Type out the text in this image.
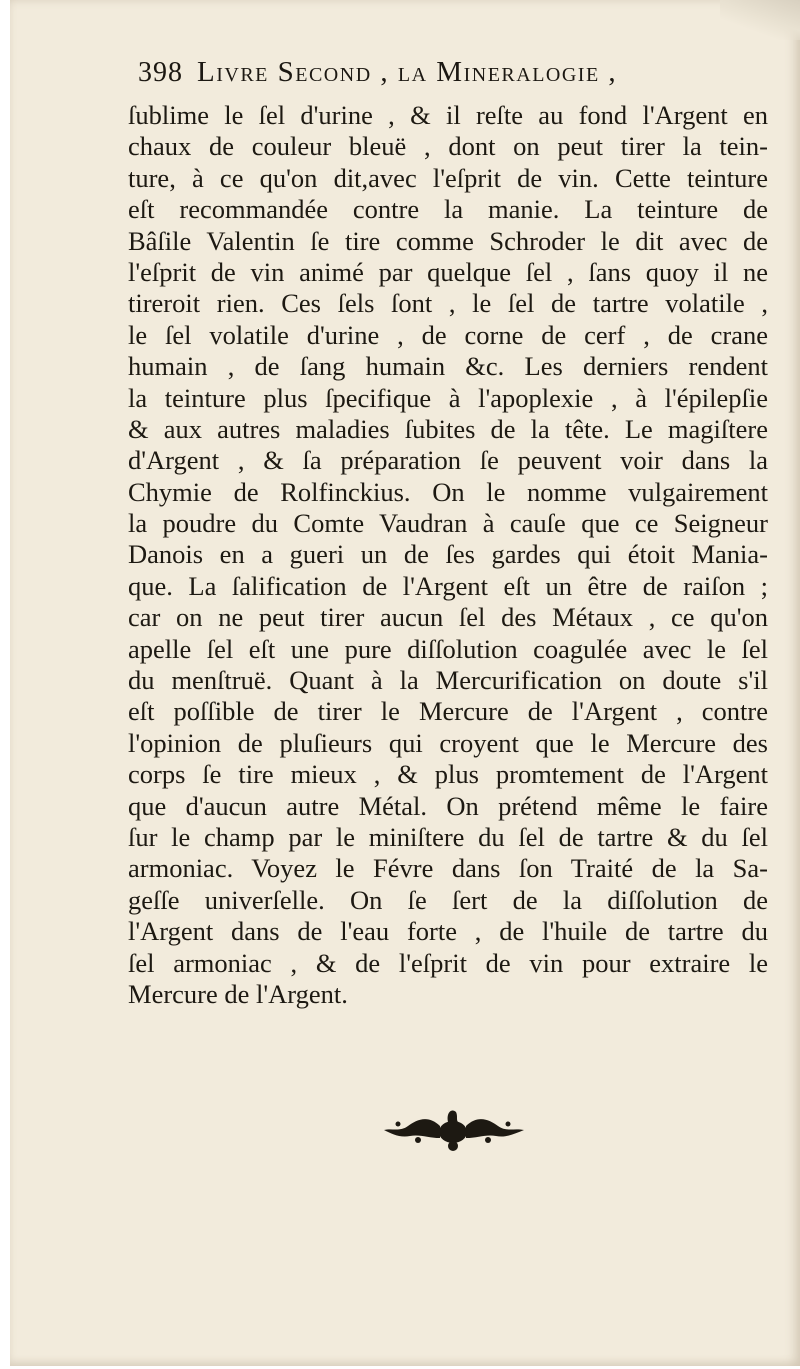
398 Livre Second , la Mineralogie ,
ſublime le ſel d'urine , & il reſte au fond l'Argent en
chaux de couleur bleuë , dont on peut tirer la tein-
ture, à ce qu'on dit,avec l'eſprit de vin. Cette teinture
eſt recommandée contre la manie. La teinture de
Bâſile Valentin ſe tire comme Schroder le dit avec de
l'eſprit de vin animé par quelque ſel , ſans quoy il ne
tireroit rien. Ces ſels ſont , le ſel de tartre volatile ,
le ſel volatile d'urine , de corne de cerf , de crane
humain , de ſang humain &c. Les derniers rendent
la teinture plus ſpecifique à l'apoplexie , à l'épilepſie
& aux autres maladies ſubites de la tête. Le magiſtere
d'Argent , & ſa préparation ſe peuvent voir dans la
Chymie de Rolfinckius. On le nomme vulgairement
la poudre du Comte Vaudran à cauſe que ce Seigneur
Danois en a gueri un de ſes gardes qui étoit Mania-
que. La ſalification de l'Argent eſt un être de raiſon ;
car on ne peut tirer aucun ſel des Métaux , ce qu'on
apelle ſel eſt une pure diſſolution coagulée avec le ſel
du menſtruë. Quant à la Mercurification on doute s'il
eſt poſſible de tirer le Mercure de l'Argent , contre
l'opinion de pluſieurs qui croyent que le Mercure des
corps ſe tire mieux , & plus promtement de l'Argent
que d'aucun autre Métal. On prétend même le faire
ſur le champ par le miniſtere du ſel de tartre & du ſel
armoniac. Voyez le Févre dans ſon Traité de la Sa-
geſſe univerſelle. On ſe ſert de la diſſolution de
l'Argent dans de l'eau forte , de l'huile de tartre du
ſel armoniac , & de l'eſprit de vin pour extraire le
Mercure de l'Argent.
